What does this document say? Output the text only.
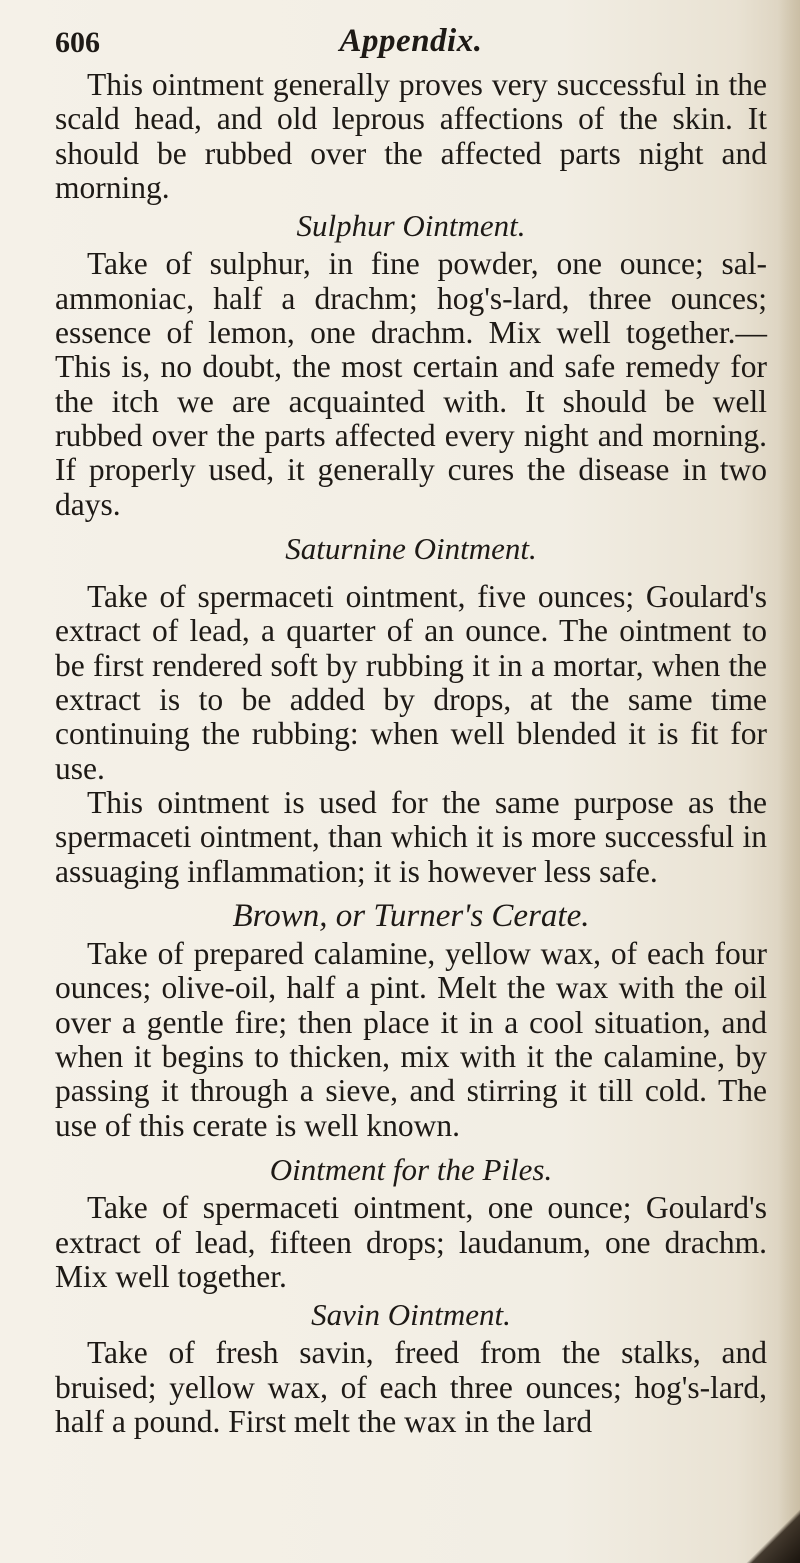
606	Appendix.

This ointment generally proves very successful in the scald head, and old leprous affections of the skin. It should be rubbed over the affected parts night and morning.

Sulphur Ointment.

Take of sulphur, in fine powder, one ounce; sal-ammoniac, half a drachm; hog's-lard, three ounces; essence of lemon, one drachm. Mix well together.— This is, no doubt, the most certain and safe remedy for the itch we are acquainted with. It should be well rubbed over the parts affected every night and morning. If properly used, it generally cures the disease in two days.

Saturnine Ointment.

Take of spermaceti ointment, five ounces; Goulard's extract of lead, a quarter of an ounce. The ointment to be first rendered soft by rubbing it in a mortar, when the extract is to be added by drops, at the same time continuing the rubbing: when well blended it is fit for use.

This ointment is used for the same purpose as the spermaceti ointment, than which it is more successful in assuaging inflammation; it is however less safe.

Brown, or Turner's Cerate.

Take of prepared calamine, yellow wax, of each four ounces; olive-oil, half a pint. Melt the wax with the oil over a gentle fire; then place it in a cool situation, and when it begins to thicken, mix with it the calamine, by passing it through a sieve, and stirring it till cold. The use of this cerate is well known.

Ointment for the Piles.

Take of spermaceti ointment, one ounce; Goulard's extract of lead, fifteen drops; laudanum, one drachm. Mix well together.

Savin Ointment.

Take of fresh savin, freed from the stalks, and bruised; yellow wax, of each three ounces; hog's-lard, half a pound. First melt the wax in the lard
